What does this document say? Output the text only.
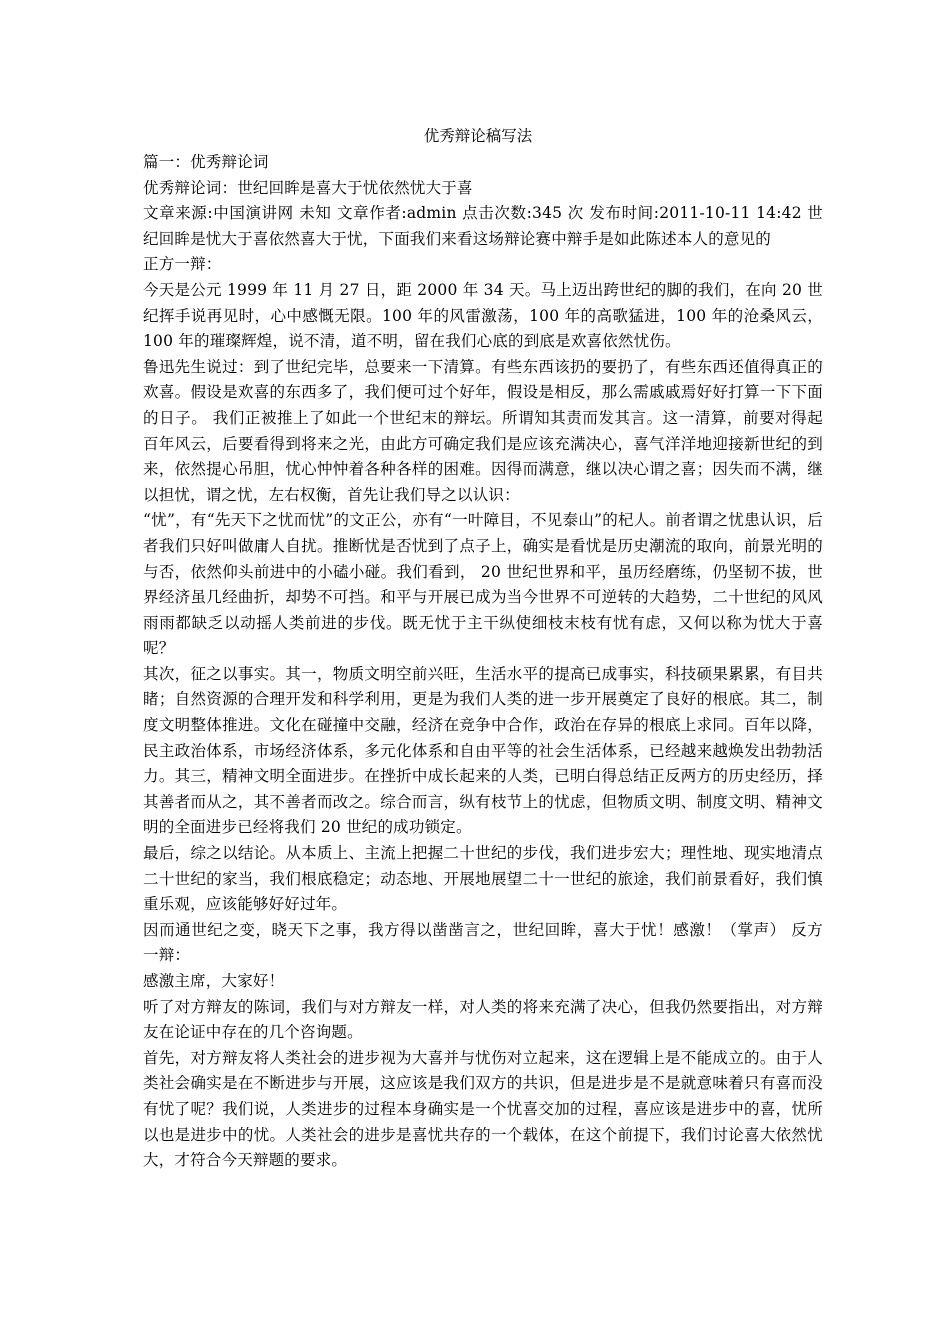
优秀辩论稿写法

篇一：优秀辩论词

优秀辩论词：世纪回眸是喜大于忧依然忧大于喜

文章来源:中国演讲网 未知 文章作者:admin 点击次数:345 次 发布时间:2011-10-11 14:42 世纪回眸是忧大于喜依然喜大于忧，下面我们来看这场辩论赛中辩手是如此陈述本人的意见的

正方一辩：

今天是公元 1999 年 11 月 27 日，距 2000 年 34 天。马上迈出跨世纪的脚的我们，在向 20 世纪挥手说再见时，心中感慨无限。100 年的风雷激荡，100 年的高歌猛进，100 年的沧桑风云，100 年的璀璨辉煌，说不清，道不明，留在我们心底的到底是欢喜依然忧伤。

鲁迅先生说过：到了世纪完毕，总要来一下清算。有些东西该扔的要扔了，有些东西还值得真正的欢喜。假设是欢喜的东西多了，我们便可过个好年，假设是相反，那么需戚戚焉好好打算一下下面的日子。 我们正被推上了如此一个世纪末的辩坛。所谓知其责而发其言。这一清算，前要对得起百年风云，后要看得到将来之光，由此方可确定我们是应该充满决心，喜气洋洋地迎接新世纪的到来，依然提心吊胆，忧心忡忡着各种各样的困难。因得而满意，继以决心谓之喜；因失而不满，继以担忧，谓之忧，左右权衡，首先让我们导之以认识：

“忧”，有“先天下之忧而忧”的文正公，亦有“一叶障目，不见泰山”的杞人。前者谓之忧患认识，后者我们只好叫做庸人自扰。推断忧是否忧到了点子上，确实是看忧是历史潮流的取向，前景光明的与否，依然仰头前进中的小磕小碰。我们看到， 20 世纪世界和平，虽历经磨练，仍坚韧不拔，世界经济虽几经曲折，却势不可挡。和平与开展已成为当今世界不可逆转的大趋势，二十世纪的风风雨雨都缺乏以动摇人类前进的步伐。既无忧于主干纵使细枝末枝有忧有虑，又何以称为忧大于喜呢？

其次，征之以事实。其一，物质文明空前兴旺，生活水平的提高已成事实，科技硕果累累，有目共睹；自然资源的合理开发和科学利用，更是为我们人类的进一步开展奠定了良好的根底。其二，制度文明整体推进。文化在碰撞中交融，经济在竞争中合作，政治在存异的根底上求同。百年以降，民主政治体系，市场经济体系，多元化体系和自由平等的社会生活体系，已经越来越焕发出勃勃活力。其三，精神文明全面进步。在挫折中成长起来的人类，已明白得总结正反两方的历史经历，择其善者而从之，其不善者而改之。综合而言，纵有枝节上的忧虑，但物质文明、制度文明、精神文明的全面进步已经将我们 20 世纪的成功锁定。

最后，综之以结论。从本质上、主流上把握二十世纪的步伐，我们进步宏大；理性地、现实地清点二十世纪的家当，我们根底稳定；动态地、开展地展望二十一世纪的旅途，我们前景看好，我们慎重乐观，应该能够好好过年。

因而通世纪之变，晓天下之事，我方得以凿凿言之，世纪回眸，喜大于忧！感激！（掌声） 反方一辩：

感激主席，大家好！

听了对方辩友的陈词，我们与对方辩友一样，对人类的将来充满了决心，但我仍然要指出，对方辩友在论证中存在的几个咨询题。

首先，对方辩友将人类社会的进步视为大喜并与忧伤对立起来，这在逻辑上是不能成立的。由于人类社会确实是在不断进步与开展，这应该是我们双方的共识，但是进步是不是就意味着只有喜而没有忧了呢？我们说，人类进步的过程本身确实是一个忧喜交加的过程，喜应该是进步中的喜，忧所以也是进步中的忧。人类社会的进步是喜忧共存的一个载体，在这个前提下，我们讨论喜大依然忧大，才符合今天辩题的要求。
